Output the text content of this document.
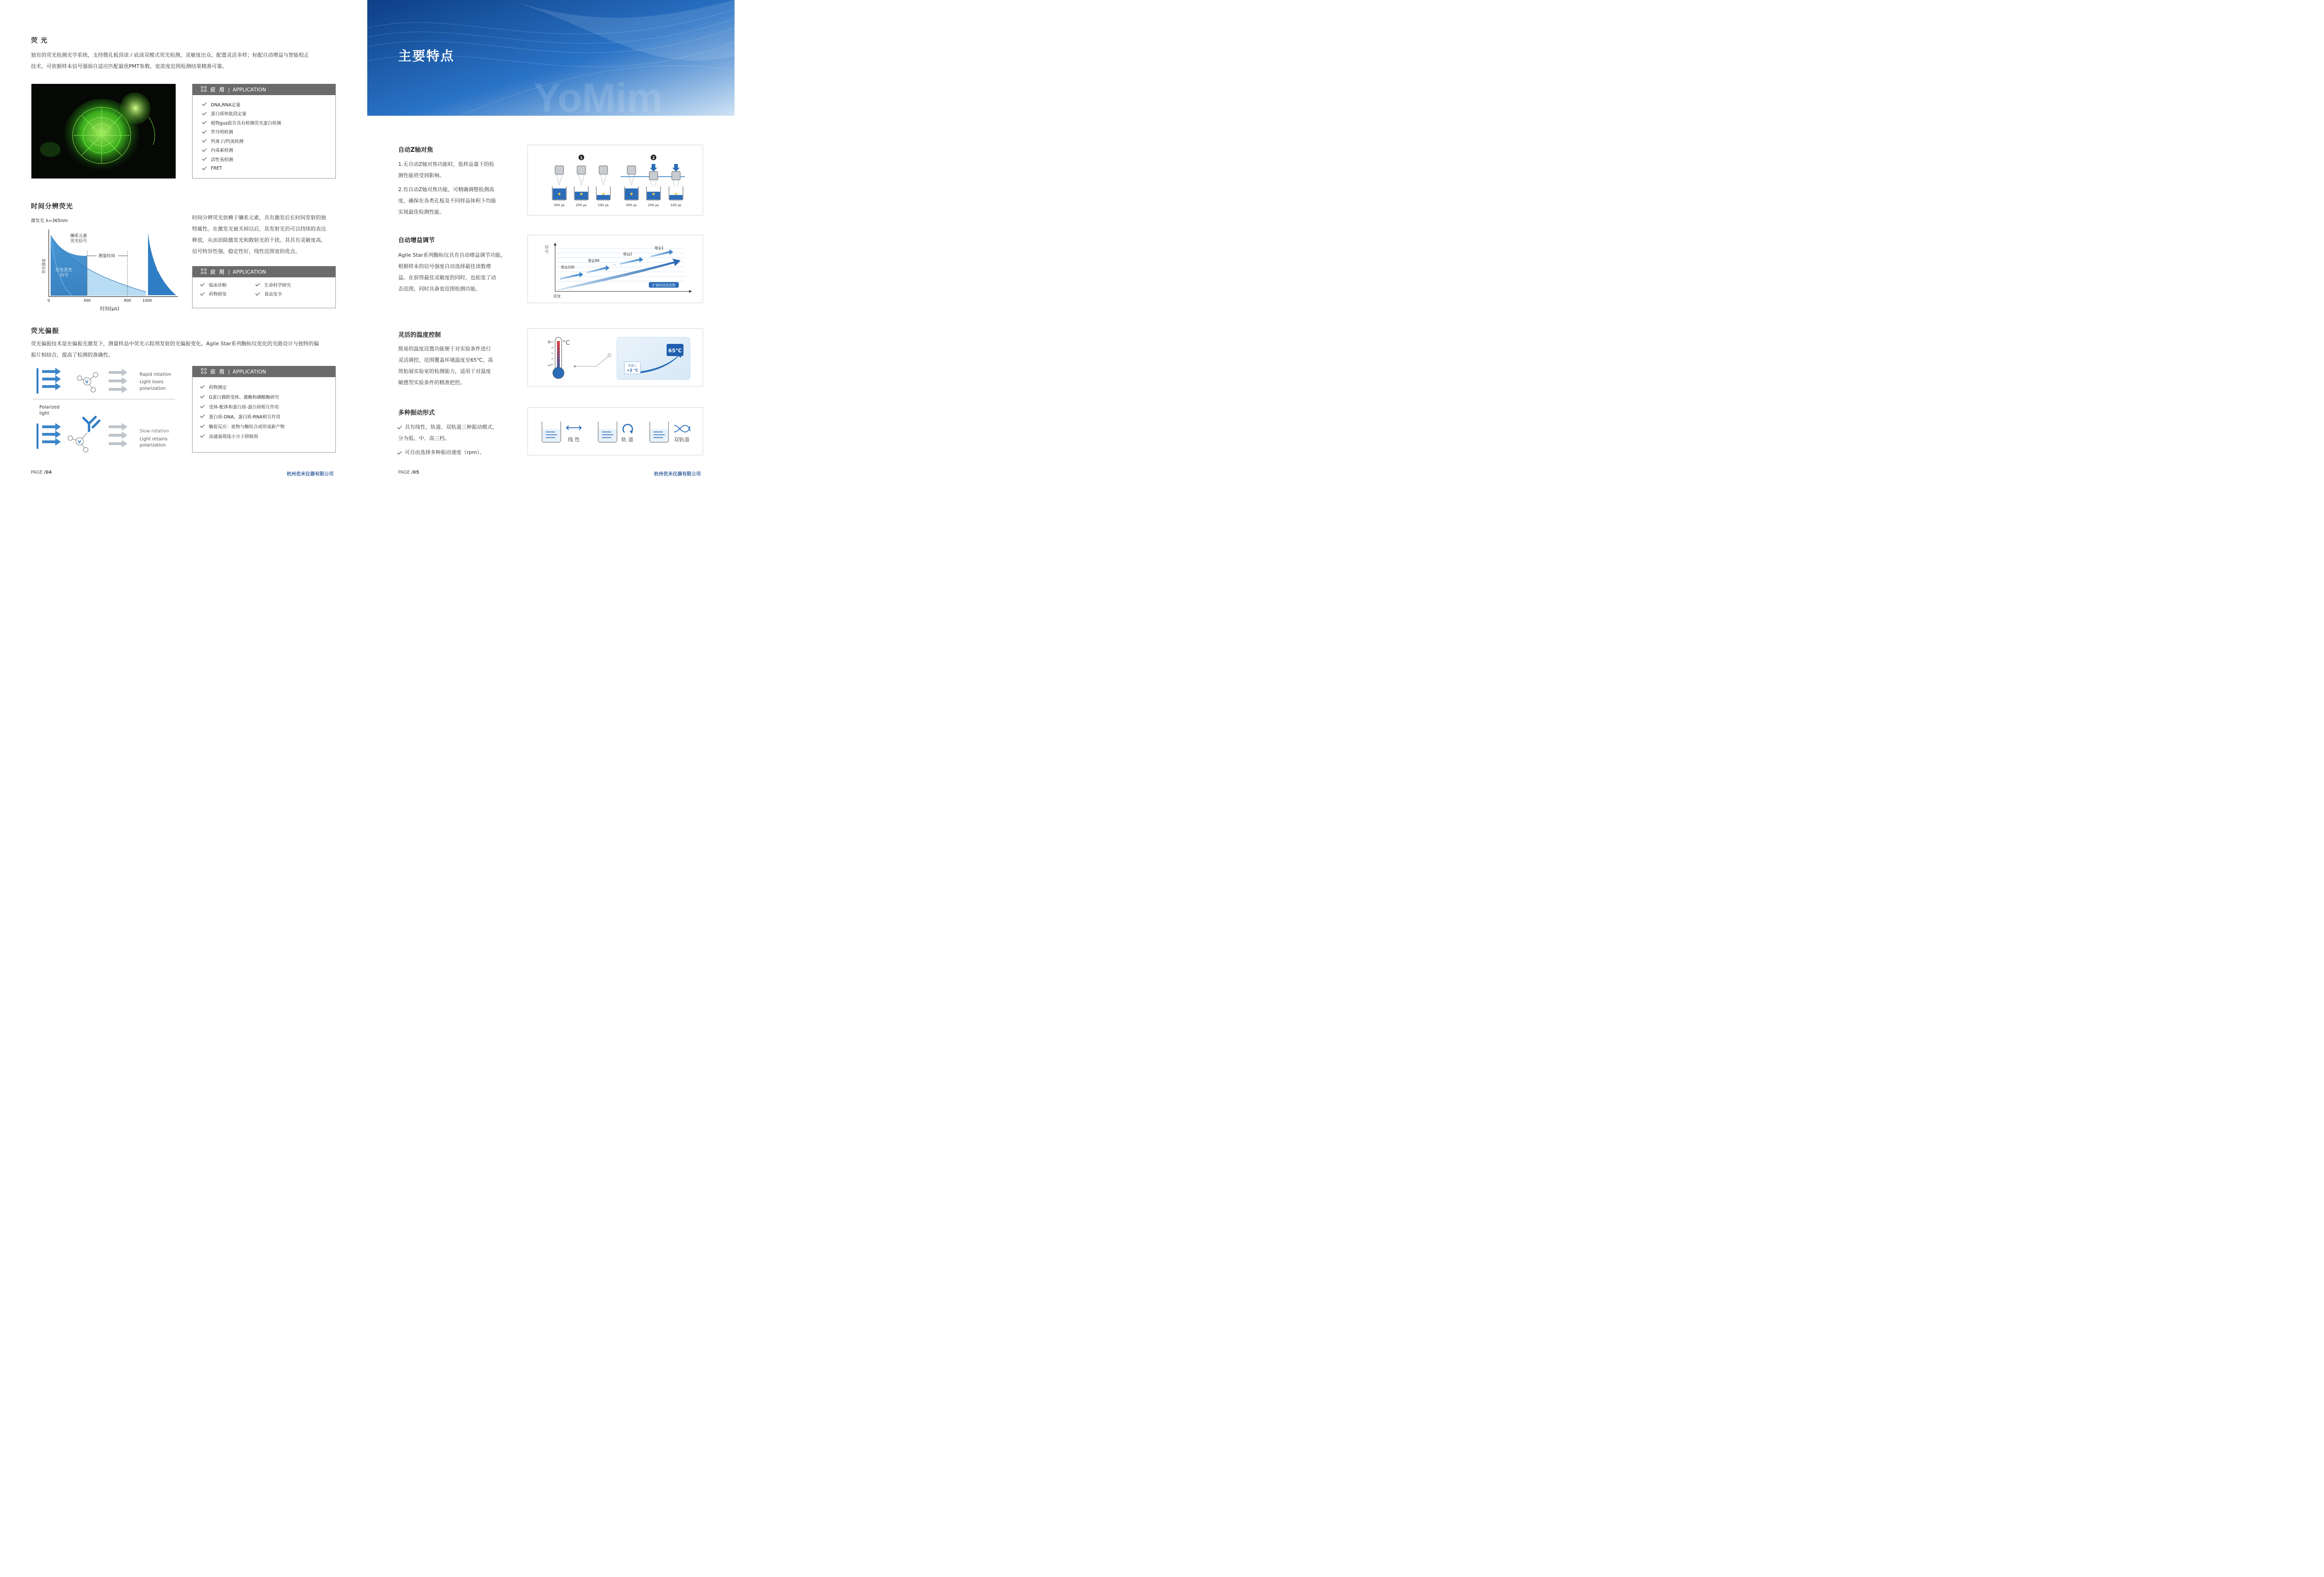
荧 光
独有的荧光检测光学系统，支持微孔板顶读 / 底读双模式荧光检测，灵敏度出众、配置灵活多样；标配自动增益与智能校正
技术，可依据样本信号强弱自适应匹配最优PMT参数，宽浓度范围检测结果精准可靠。
应 用 | APPLICATION
DNA,RNA定量
蛋白质和肽段定量
植物gus报告具有检测荧光蛋白检测
罗丹明检测
钙离子/钙流检测
内毒素检测
活性氧检测
FRET
时间分辨荧光
激发光 λ=365nm
测量时间
镧系元素
荧光信号
自发荧光
信号
新的
周期
荧光强度
0	400	800	1000
时间(μs)
时间分辨荧光依赖于镧系元素，具有激发后长时间发射的独
特属性。在激发光被关掉以后，其发射光仍可以持续的表达
释放，从而消除激发光和散射光的干扰。其具有灵敏度高，
信号特异性强，稳定性好，线性范围宽的优点。
应 用 | APPLICATION
临床诊断
药物研发
生命科学研究
食品安全
荧光偏振
荧光偏振技术是在偏振光激发下，测量样品中荧光示踪剂发射的光偏振变化。Agile Star系列酶标仪优化的光路设计与独特的偏
振片相结合，提高了检测的准确性。
V
Rapid rotation
Light loses
polarization
Polarized
light
V
Slow rotation
Light retains
polarization
应 用 | APPLICATION
药物测定
G蛋白偶联受体、激酶和磷酸酶研究
受体-配体和蛋白质-蛋白质相互作用
蛋白质-DNA，蛋白质-RNA相互作用
酶促反应：底物与酶结合或形成新产物
高通量筛选小分子抑制剂
PAGE /04	杭州优米仪器有限公司
YoMim
主要特点
自动Z轴对焦
1.无自动Z轴对焦功能时，低样品量下的检
测性能将受到影响。
2.有自动Z轴对焦功能，可精确调整检测高
度，确保在各类孔板及不同样品体积下均能
实现最佳检测性能。
1	2
300 μL	200 μL	100 μL	300 μL	200 μL	100 μL
自动增益调节
Agile Star系列酶标仪具有自动增益调节功能，
根据样本的信号强度自动选择最佳读数增
益。在获得最佳灵敏度的同时，也拓宽了动
态范围，同时具备宽范围检测功能。
增益100
增益99
···
增益2
增益1
扩展的动态范围
信号
浓度
灵活的温度控制
简易的温度设置功能便于对实验条件进行
灵活调控，范围覆盖环境温度至65℃，高
效拓展实验室的检测能力，适用于对温度
敏感型实验条件的精准把控。
°C
+
−
65℃
室温上
+2 ℃
多种振动形式
具有线性、轨道、双轨道三种振动模式，
分为低、中、高三档。
可自由选择多种振动速度（rpm）。
线 性	轨 道	双轨道
PAGE /05	杭州优米仪器有限公司
